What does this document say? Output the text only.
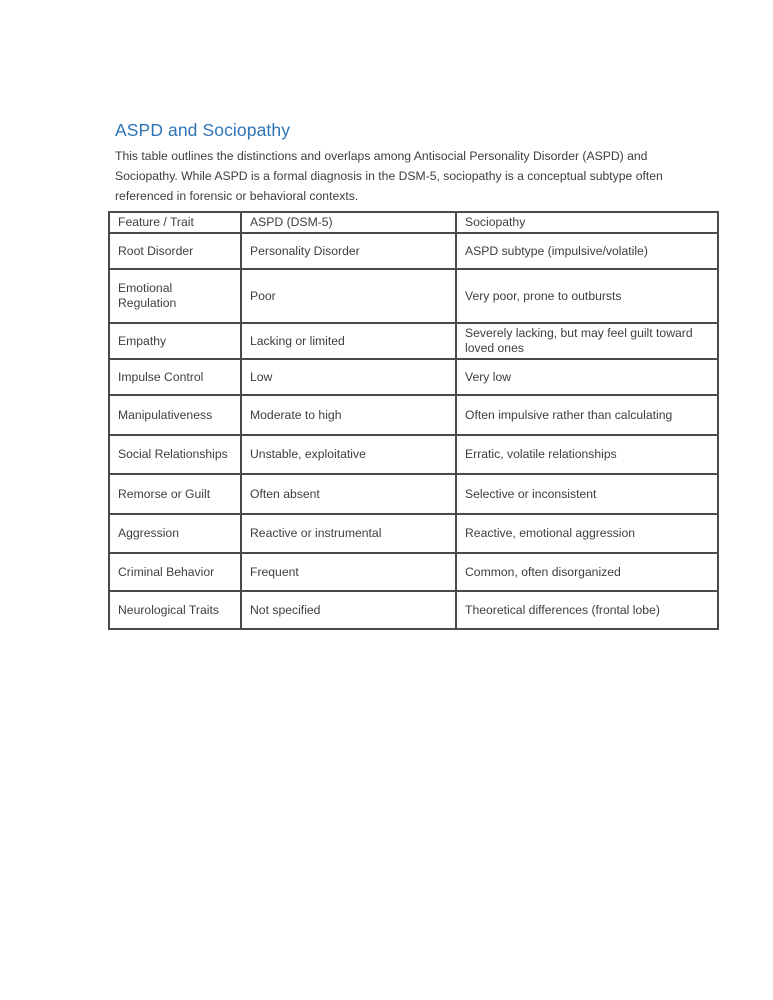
ASPD and Sociopathy
This table outlines the distinctions and overlaps among Antisocial Personality Disorder (ASPD) and
Sociopathy. While ASPD is a formal diagnosis in the DSM-5, sociopathy is a conceptual subtype often
referenced in forensic or behavioral contexts.
Feature / Trait	ASPD (DSM-5)	Sociopathy
Root Disorder	Personality Disorder	ASPD subtype (impulsive/volatile)
Emotional Regulation	Poor	Very poor, prone to outbursts
Empathy	Lacking or limited	Severely lacking, but may feel guilt toward loved ones
Impulse Control	Low	Very low
Manipulativeness	Moderate to high	Often impulsive rather than calculating
Social Relationships	Unstable, exploitative	Erratic, volatile relationships
Remorse or Guilt	Often absent	Selective or inconsistent
Aggression	Reactive or instrumental	Reactive, emotional aggression
Criminal Behavior	Frequent	Common, often disorganized
Neurological Traits	Not specified	Theoretical differences (frontal lobe)
